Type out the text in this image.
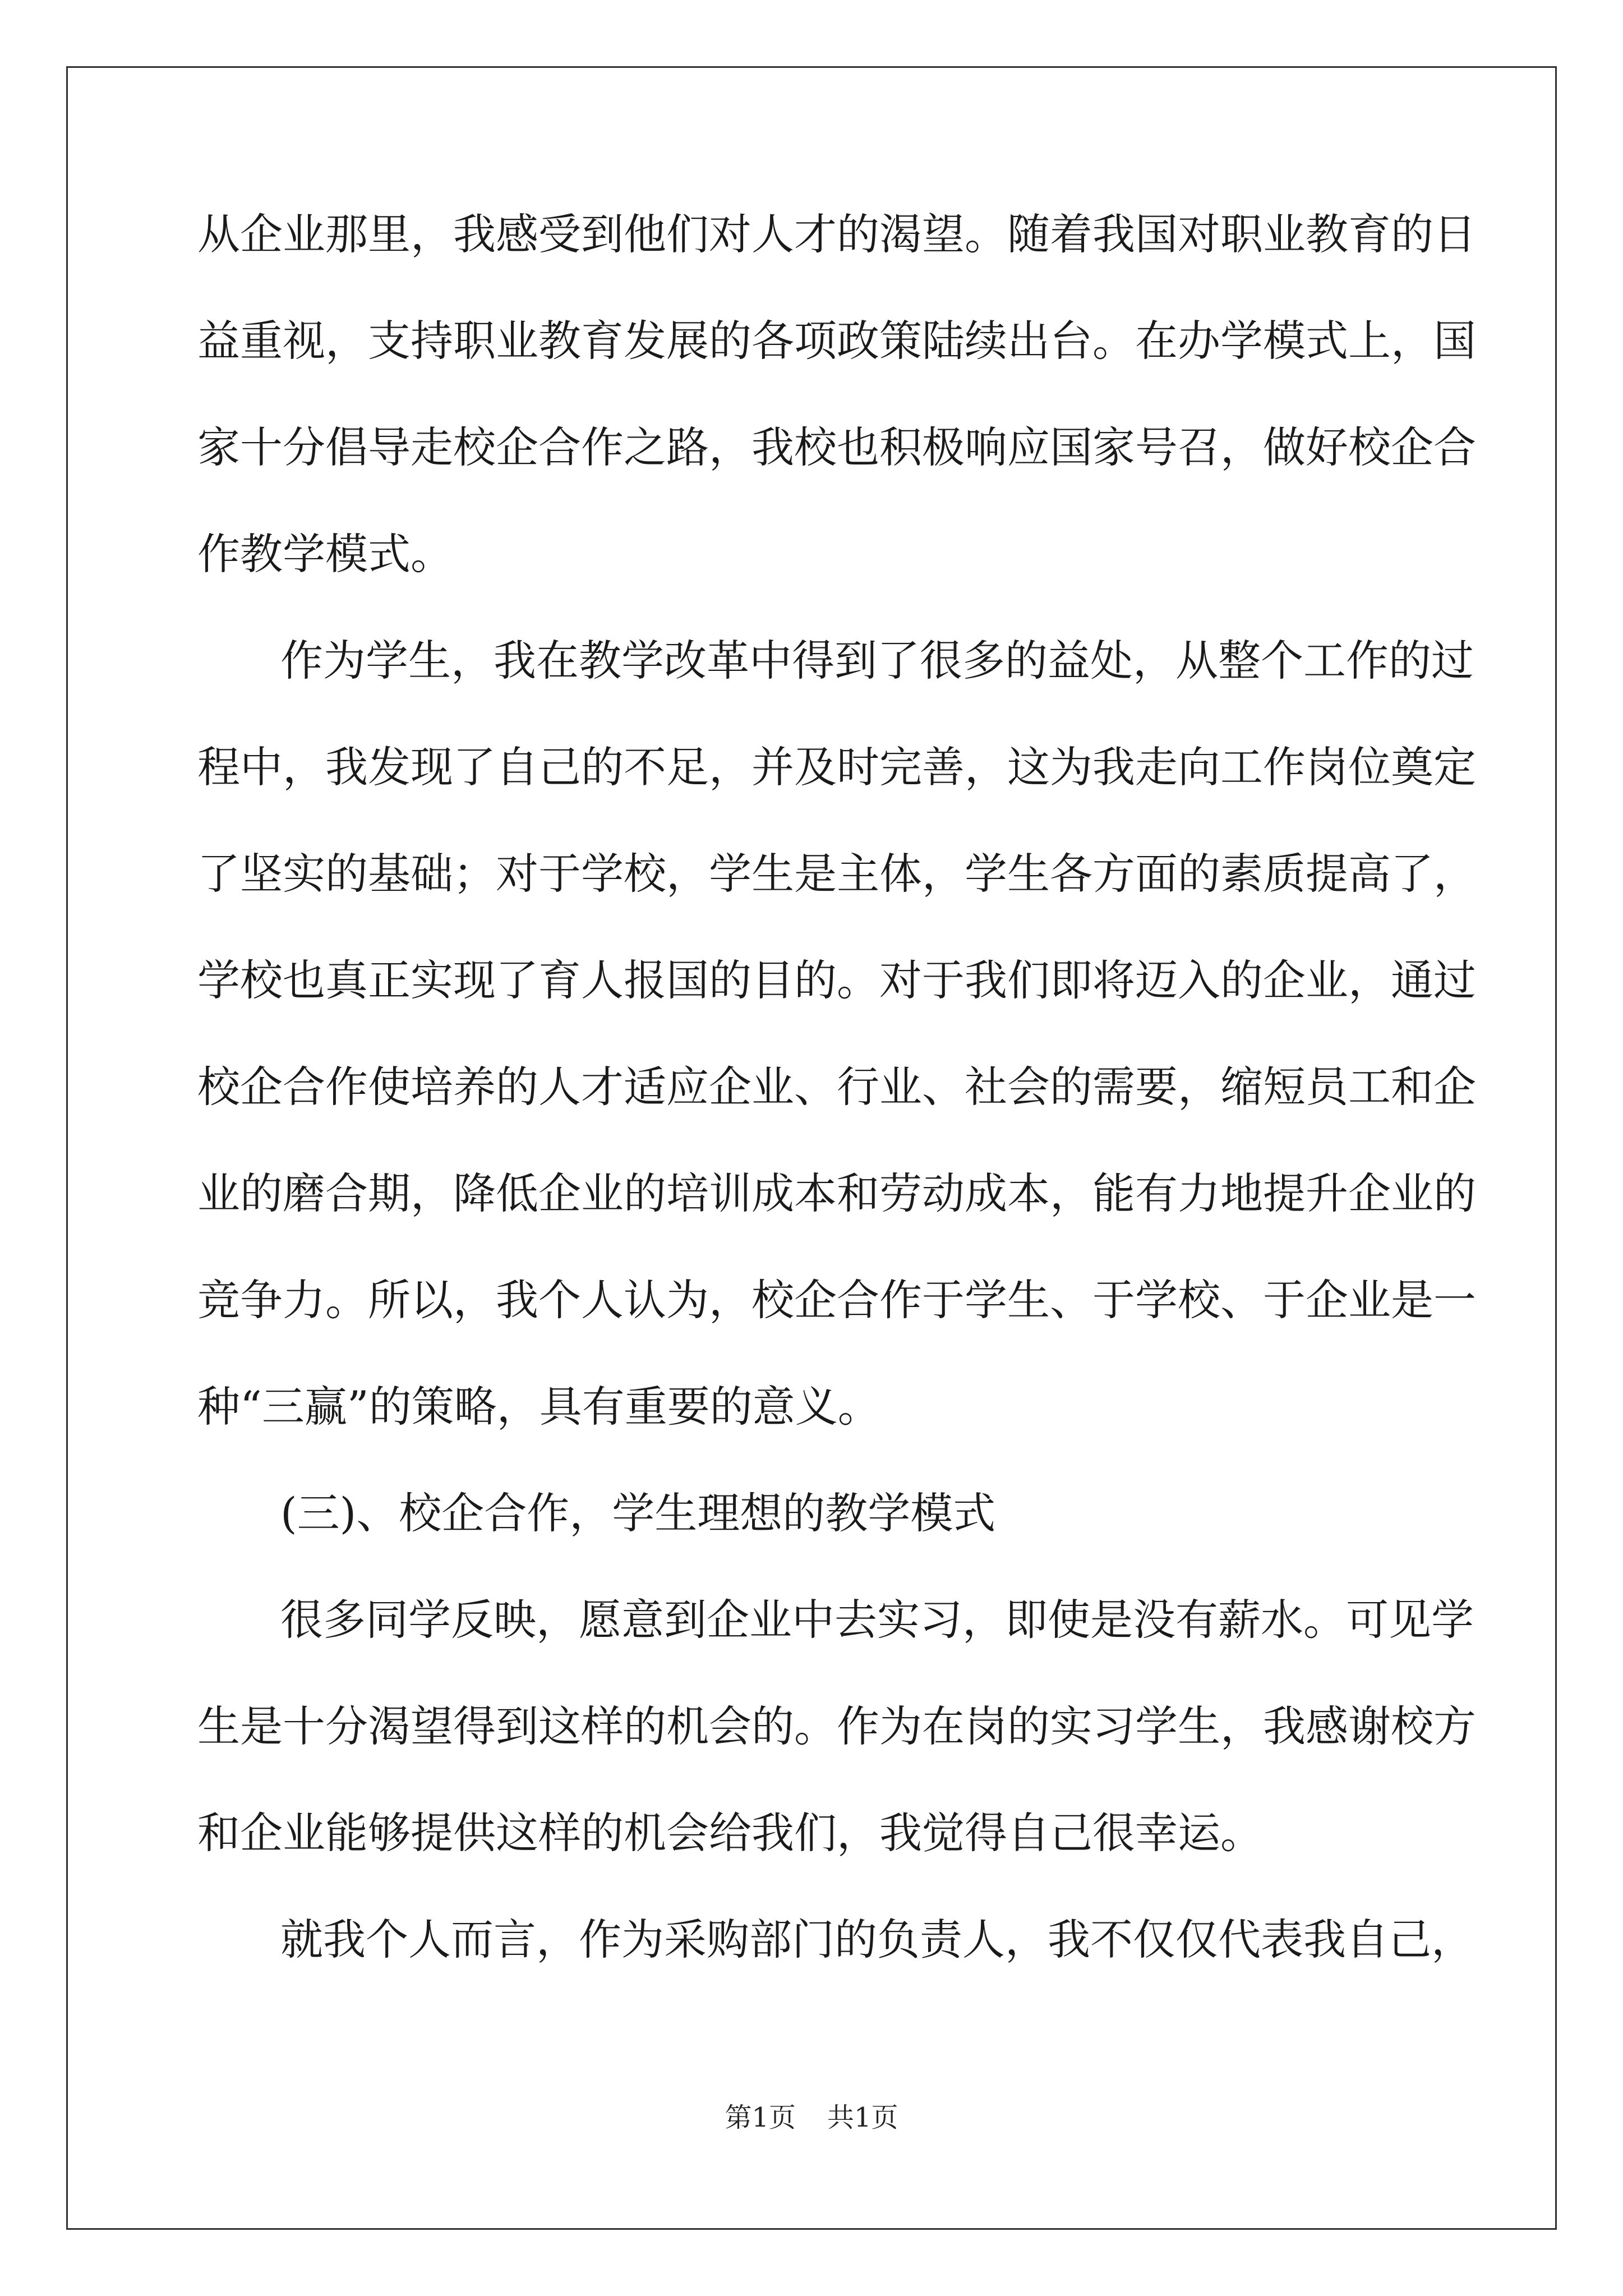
从企业那里，我感受到他们对人才的渴望。随着我国对职业教育的日
益重视，支持职业教育发展的各项政策陆续出台。在办学模式上，国
家十分倡导走校企合作之路，我校也积极响应国家号召，做好校企合
作教学模式。
作为学生，我在教学改革中得到了很多的益处，从整个工作的过
程中，我发现了自己的不足，并及时完善，这为我走向工作岗位奠定
了坚实的基础；对于学校，学生是主体，学生各方面的素质提高了，
学校也真正实现了育人报国的目的。对于我们即将迈入的企业，通过
校企合作使培养的人才适应企业、行业、社会的需要，缩短员工和企
业的磨合期，降低企业的培训成本和劳动成本，能有力地提升企业的
竞争力。所以，我个人认为，校企合作于学生、于学校、于企业是一
种“三赢”的策略，具有重要的意义。
(三)、校企合作，学生理想的教学模式
很多同学反映，愿意到企业中去实习，即使是没有薪水。可见学
生是十分渴望得到这样的机会的。作为在岗的实习学生，我感谢校方
和企业能够提供这样的机会给我们，我觉得自己很幸运。
就我个人而言，作为采购部门的负责人，我不仅仅代表我自己，
第1页 共1页
